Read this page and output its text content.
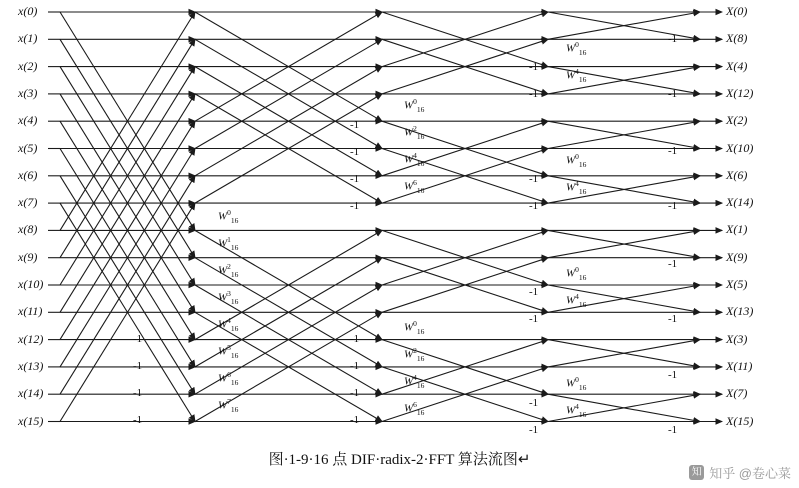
x(0)
x(1)
x(2)
x(3)
x(4)
x(5)
x(6)
x(7)
x(8)
x(9)
x(10)
x(11)
x(12)
x(13)
x(14)
x(15)
X(0)
X(8)
X(4)
X(12)
X(2)
X(10)
X(6)
X(14)
X(1)
X(9)
X(5)
X(13)
X(3)
X(11)
X(7)
X(15)
$W^0_{16}$
$W^1_{16}$
$W^2_{16}$
$W^3_{16}$
$W^4_{16}$
$W^5_{16}$
$W^6_{16}$
$W^7_{16}$
$W^0_{16}$
$W^2_{16}$
$W^4_{16}$
$W^6_{16}$
$W^0_{16}$
$W^2_{16}$
$W^4_{16}$
$W^6_{16}$
$W^0_{16}$
$W^4_{16}$
$W^0_{16}$
$W^4_{16}$
$W^0_{16}$
$W^4_{16}$
$W^0_{16}$
$W^4_{16}$
-1
-1
-1
-1
-1
-1
-1
-1
-1
-1
-1
-1
-1
-1
-1
-1
-1
-1
-1
-1
-1
-1
-1
-1
-1
-1
-1
-1
图·1-9·16 点 DIF·radix-2·FFT 算法流图↵
知 知乎 @卷心菜
